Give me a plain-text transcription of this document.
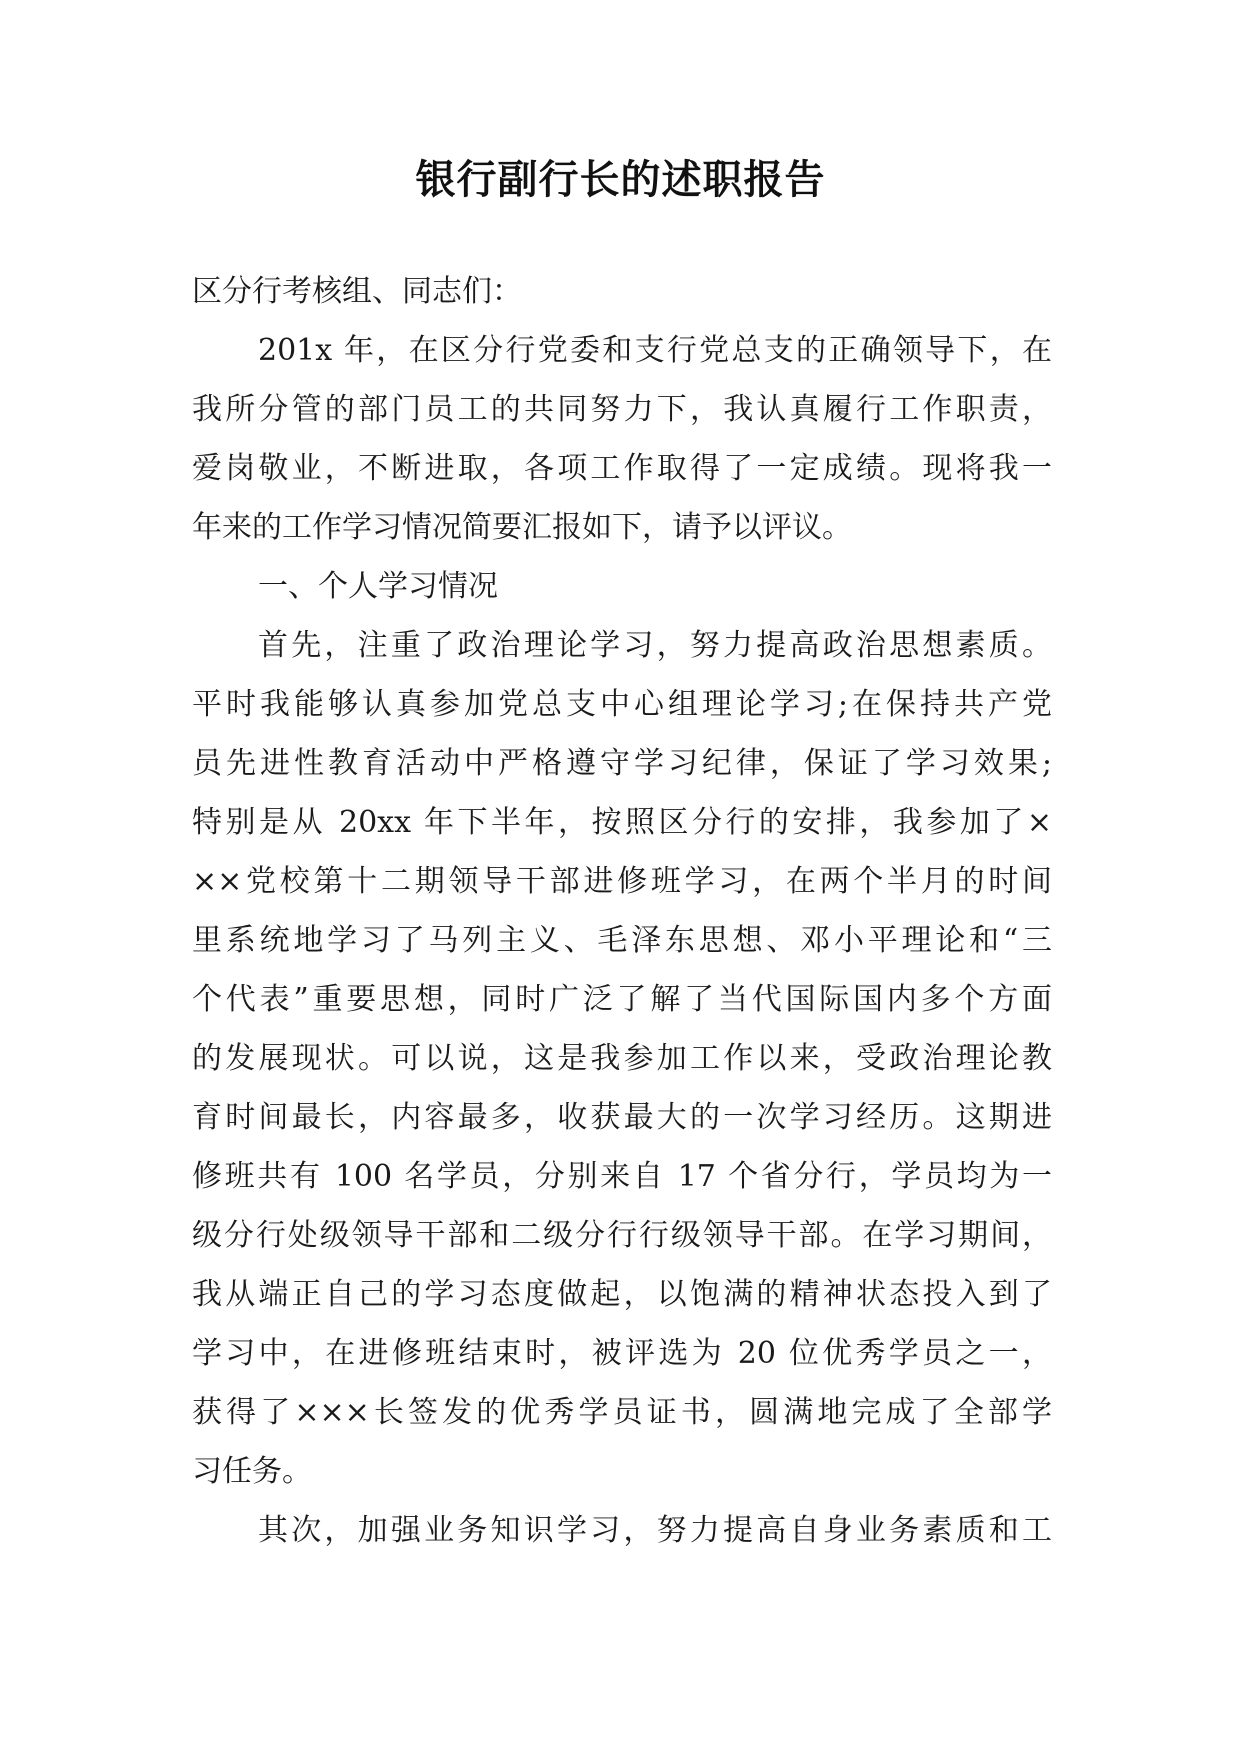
银行副行长的述职报告
区分行考核组、同志们：
201x 年，在区分行党委和支行党总支的正确领导下，在
我所分管的部门员工的共同努力下，我认真履行工作职责，
爱岗敬业，不断进取，各项工作取得了一定成绩。现将我一
年来的工作学习情况简要汇报如下，请予以评议。
一、个人学习情况
首先，注重了政治理论学习，努力提高政治思想素质。
平时我能够认真参加党总支中心组理论学习;在保持共产党
员先进性教育活动中严格遵守学习纪律，保证了学习效果;
特别是从 20xx 年下半年，按照区分行的安排，我参加了×
××党校第十二期领导干部进修班学习，在两个半月的时间
里系统地学习了马列主义、毛泽东思想、邓小平理论和“三
个代表”重要思想，同时广泛了解了当代国际国内多个方面
的发展现状。可以说，这是我参加工作以来，受政治理论教
育时间最长，内容最多，收获最大的一次学习经历。这期进
修班共有 100 名学员，分别来自 17 个省分行，学员均为一
级分行处级领导干部和二级分行行级领导干部。在学习期间，
我从端正自己的学习态度做起，以饱满的精神状态投入到了
学习中，在进修班结束时，被评选为 20 位优秀学员之一，
获得了×××长签发的优秀学员证书，圆满地完成了全部学
习任务。
其次，加强业务知识学习，努力提高自身业务素质和工
